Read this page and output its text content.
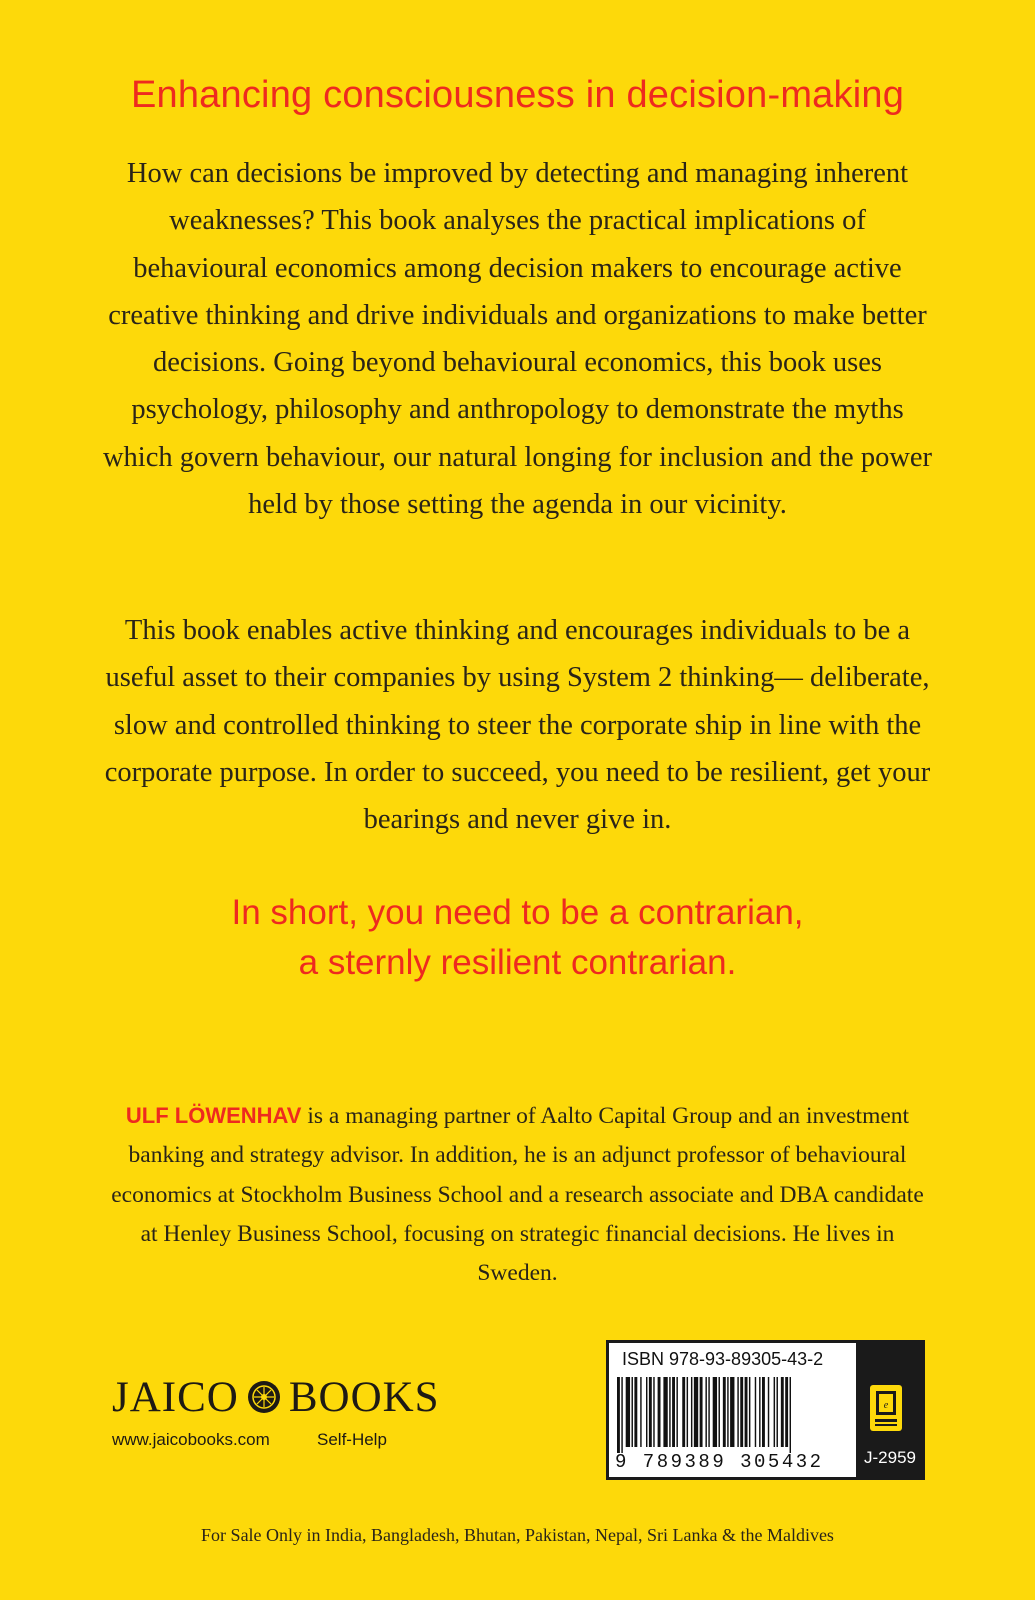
Enhancing consciousness in decision-making

How can decisions be improved by detecting and managing inherent weaknesses? This book analyses the practical implications of behavioural economics among decision makers to encourage active creative thinking and drive individuals and organizations to make better decisions. Going beyond behavioural economics, this book uses psychology, philosophy and anthropology to demonstrate the myths which govern behaviour, our natural longing for inclusion and the power held by those setting the agenda in our vicinity.

This book enables active thinking and encourages individuals to be a useful asset to their companies by using System 2 thinking— deliberate, slow and controlled thinking to steer the corporate ship in line with the corporate purpose. In order to succeed, you need to be resilient, get your bearings and never give in.

In short, you need to be a contrarian,
a sternly resilient contrarian.
ULF LÖWENHAV is a managing partner of Aalto Capital Group and an investment banking and strategy advisor. In addition, he is an adjunct professor of behavioural economics at Stockholm Business School and a research associate and DBA candidate at Henley Business School, focusing on strategic financial decisions. He lives in Sweden.
JAICO BOOKS
www.jaicobooks.com	Self-Help
ISBN 978-93-89305-43-2
9 789389 305432
e
J-2959
For Sale Only in India, Bangladesh, Bhutan, Pakistan, Nepal, Sri Lanka & the Maldives
